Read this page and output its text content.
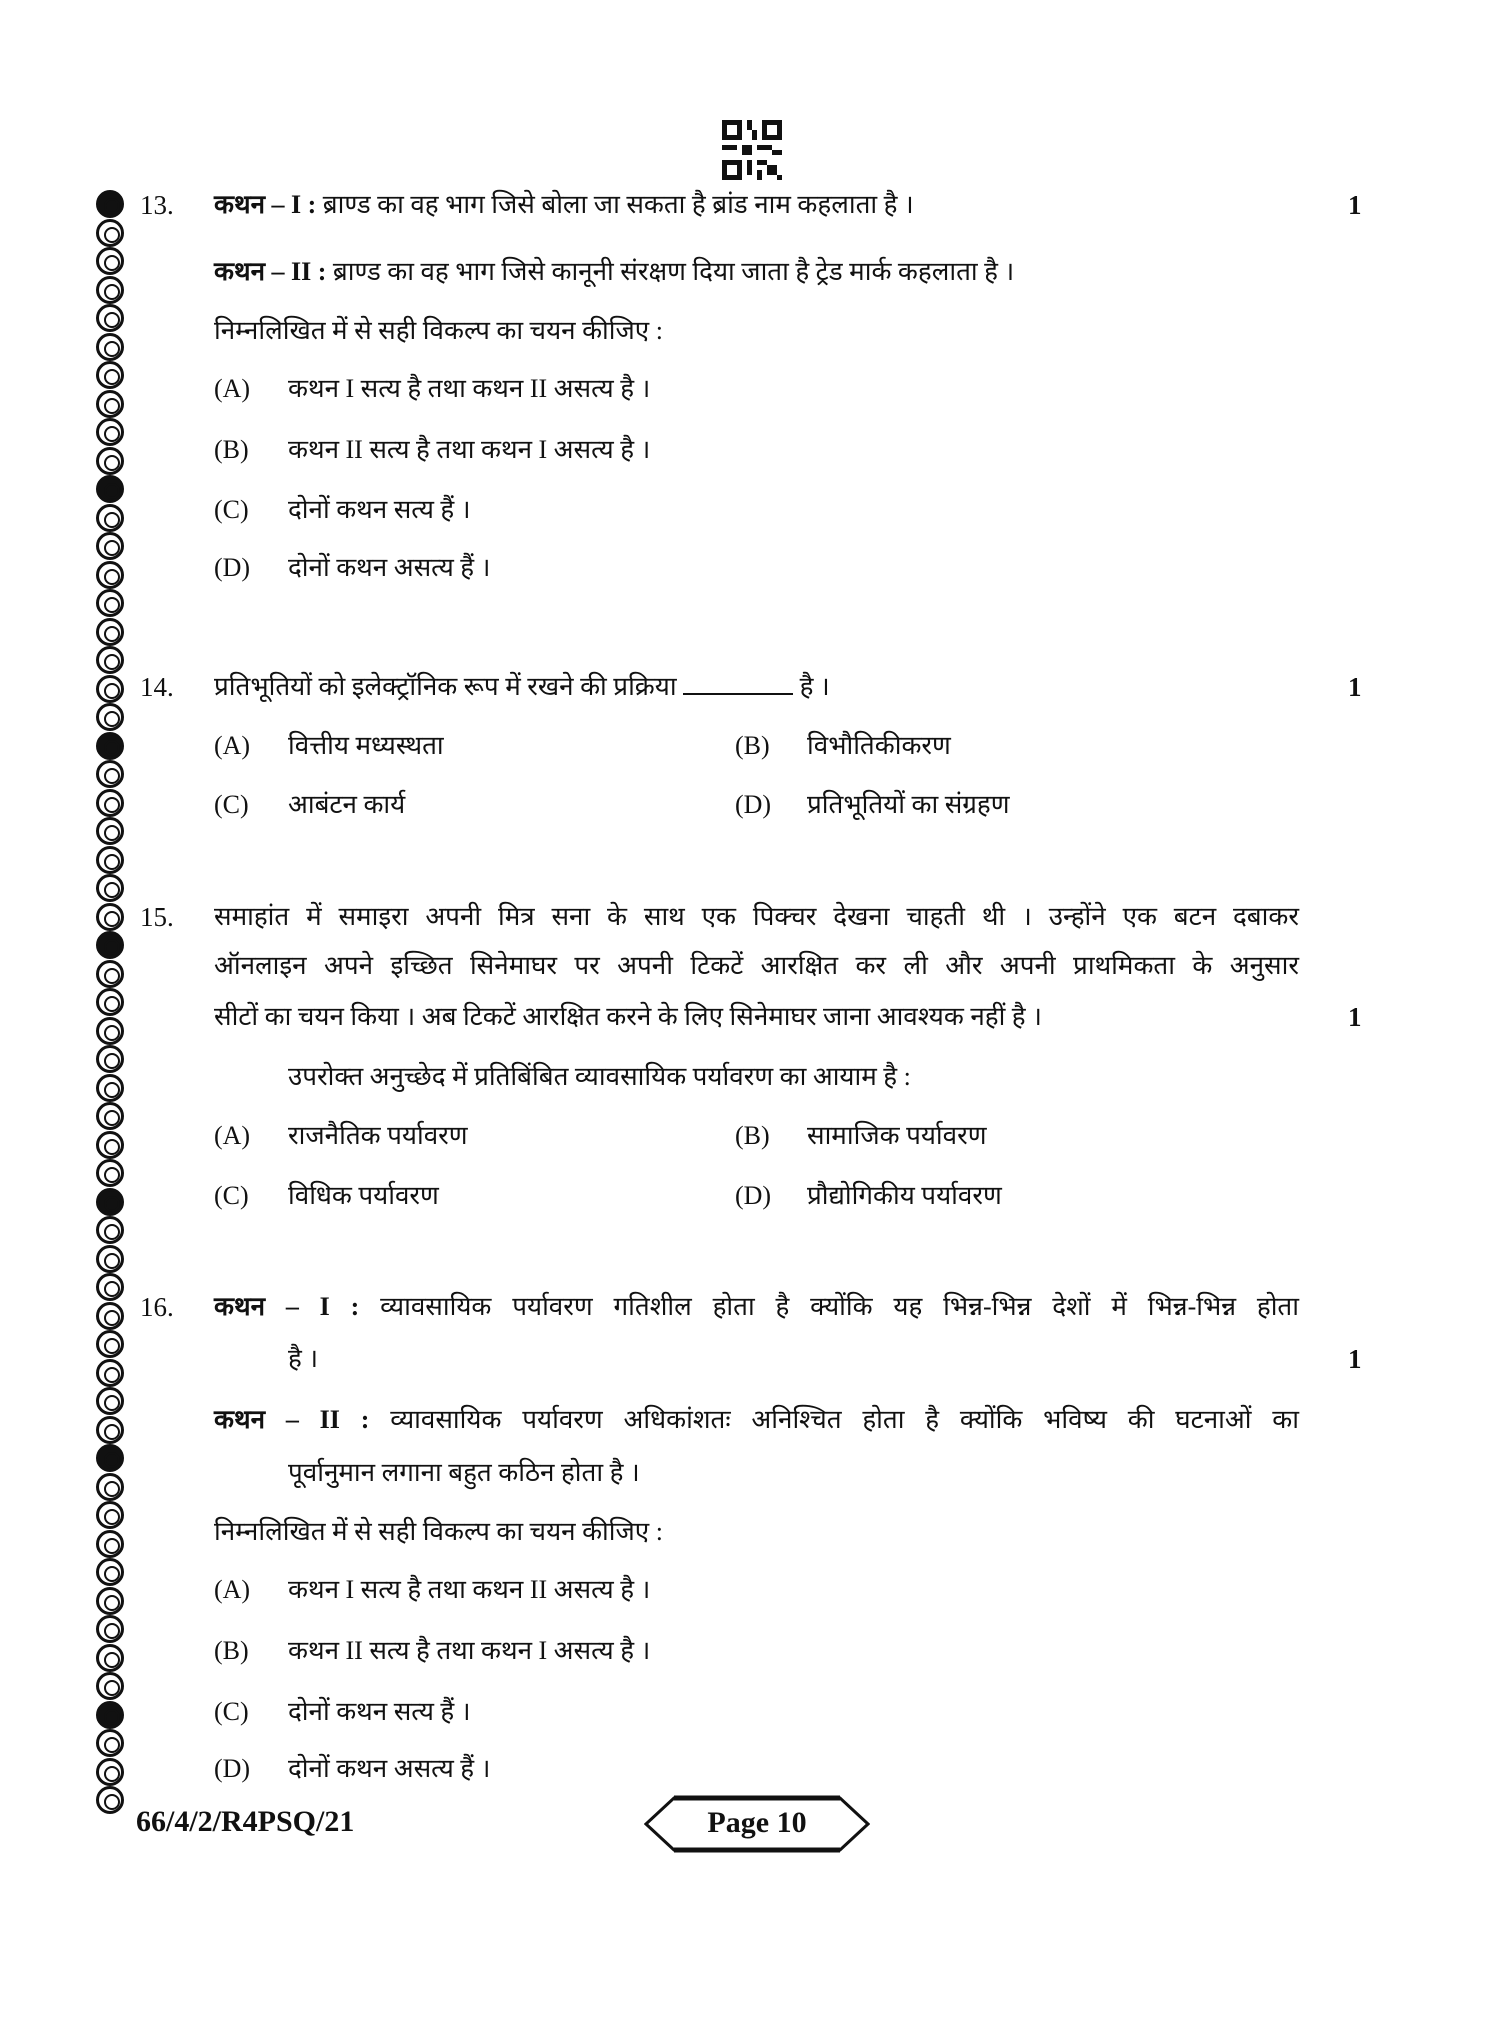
13. कथन – I : ब्राण्ड का वह भाग जिसे बोला जा सकता है ब्रांड नाम कहलाता है ।	1
कथन – II : ब्राण्ड का वह भाग जिसे कानूनी संरक्षण दिया जाता है ट्रेड मार्क कहलाता है ।
निम्नलिखित में से सही विकल्प का चयन कीजिए :
(A) कथन I सत्य है तथा कथन II असत्य है ।
(B) कथन II सत्य है तथा कथन I असत्य है ।
(C) दोनों कथन सत्य हैं ।
(D) दोनों कथन असत्य हैं ।
14. प्रतिभूतियों को इलेक्ट्रॉनिक रूप में रखने की प्रक्रिया	है ।	1
(A) वित्तीय मध्यस्थता	(B) विभौतिकीकरण
(C) आबंटन कार्य	(D) प्रतिभूतियों का संग्रहण
15. समाहांत में समाइरा अपनी मित्र सना के साथ एक पिक्चर देखना चाहती थी । उन्होंने एक बटन दबाकर
ऑनलाइन अपने इच्छित सिनेमाघर पर अपनी टिकटें आरक्षित कर ली और अपनी प्राथमिकता के अनुसार
सीटों का चयन किया । अब टिकटें आरक्षित करने के लिए सिनेमाघर जाना आवश्यक नहीं है ।	1
उपरोक्त अनुच्छेद में प्रतिबिंबित व्यावसायिक पर्यावरण का आयाम है :
(A) राजनैतिक पर्यावरण	(B) सामाजिक पर्यावरण
(C) विधिक पर्यावरण	(D) प्रौद्योगिकीय पर्यावरण
16. कथन – I : व्यावसायिक पर्यावरण गतिशील होता है क्योंकि यह भिन्न-भिन्न देशों में भिन्न-भिन्न होता
है ।	1
कथन – II : व्यावसायिक पर्यावरण अधिकांशतः अनिश्चित होता है क्योंकि भविष्य की घटनाओं का
पूर्वानुमान लगाना बहुत कठिन होता है ।
निम्नलिखित में से सही विकल्प का चयन कीजिए :
(A) कथन I सत्य है तथा कथन II असत्य है ।
(B) कथन II सत्य है तथा कथन I असत्य है ।
(C) दोनों कथन सत्य हैं ।
(D) दोनों कथन असत्य हैं ।
66/4/2/R4PSQ/21	Page 10
